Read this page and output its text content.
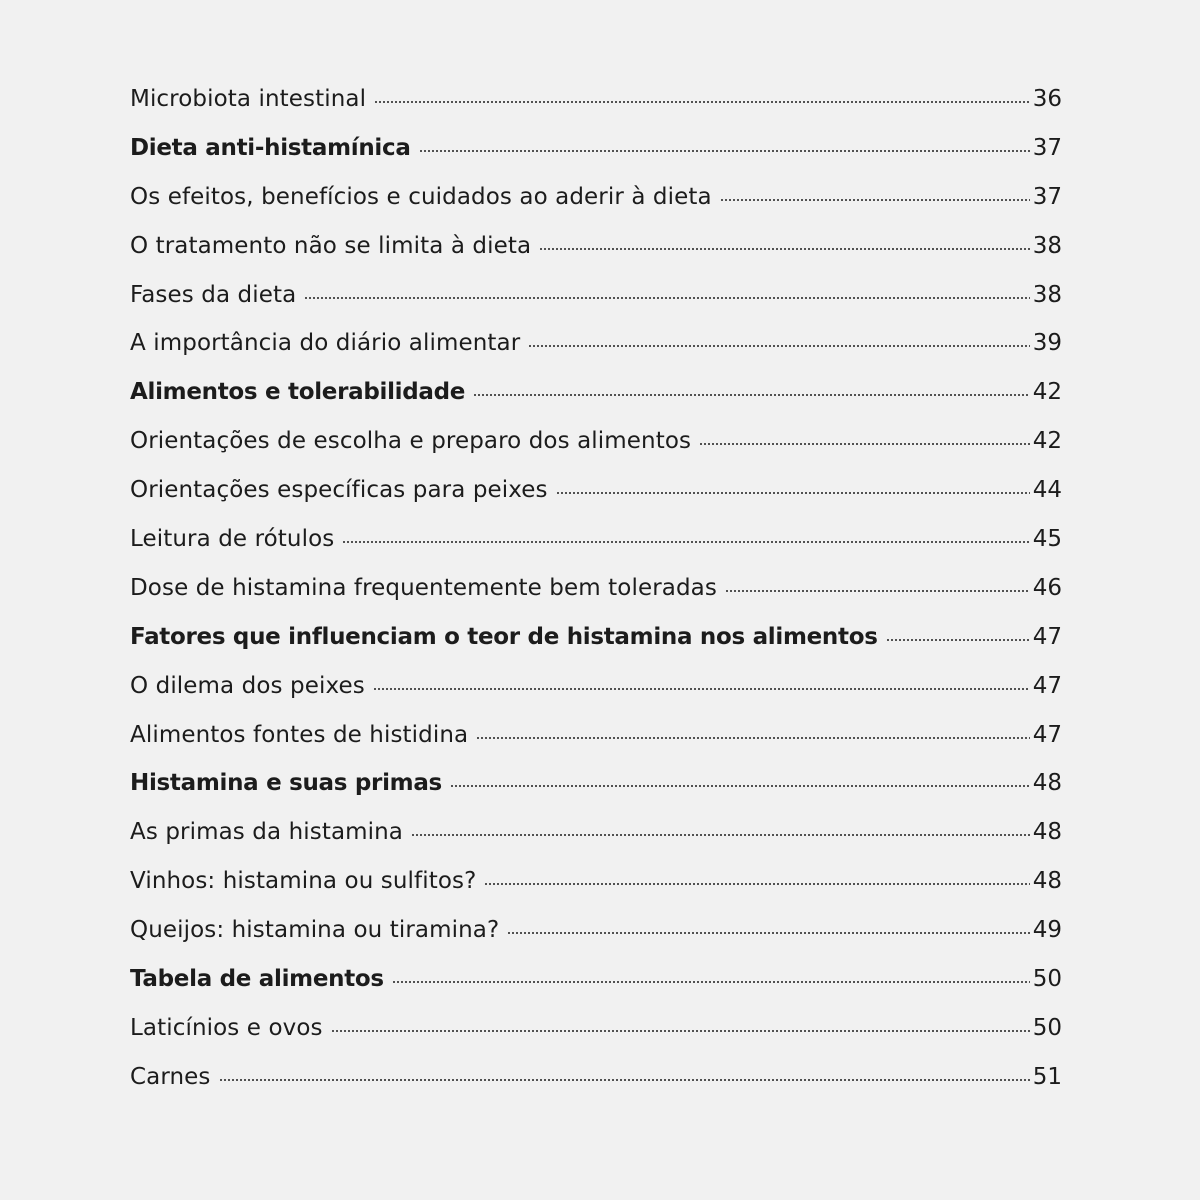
Microbiota intestinal	36
Dieta anti-histamínica	37
Os efeitos, benefícios e cuidados ao aderir à dieta	37
O tratamento não se limita à dieta	38
Fases da dieta	38
A importância do diário alimentar	39
Alimentos e tolerabilidade	42
Orientações de escolha e preparo dos alimentos	42
Orientações específicas para peixes	44
Leitura de rótulos	45
Dose de histamina frequentemente bem toleradas	46
Fatores que influenciam o teor de histamina nos alimentos	47
O dilema dos peixes	47
Alimentos fontes de histidina	47
Histamina e suas primas	48
As primas da histamina	48
Vinhos: histamina ou sulfitos?	48
Queijos: histamina ou tiramina?	49
Tabela de alimentos	50
Laticínios e ovos	50
Carnes	51
